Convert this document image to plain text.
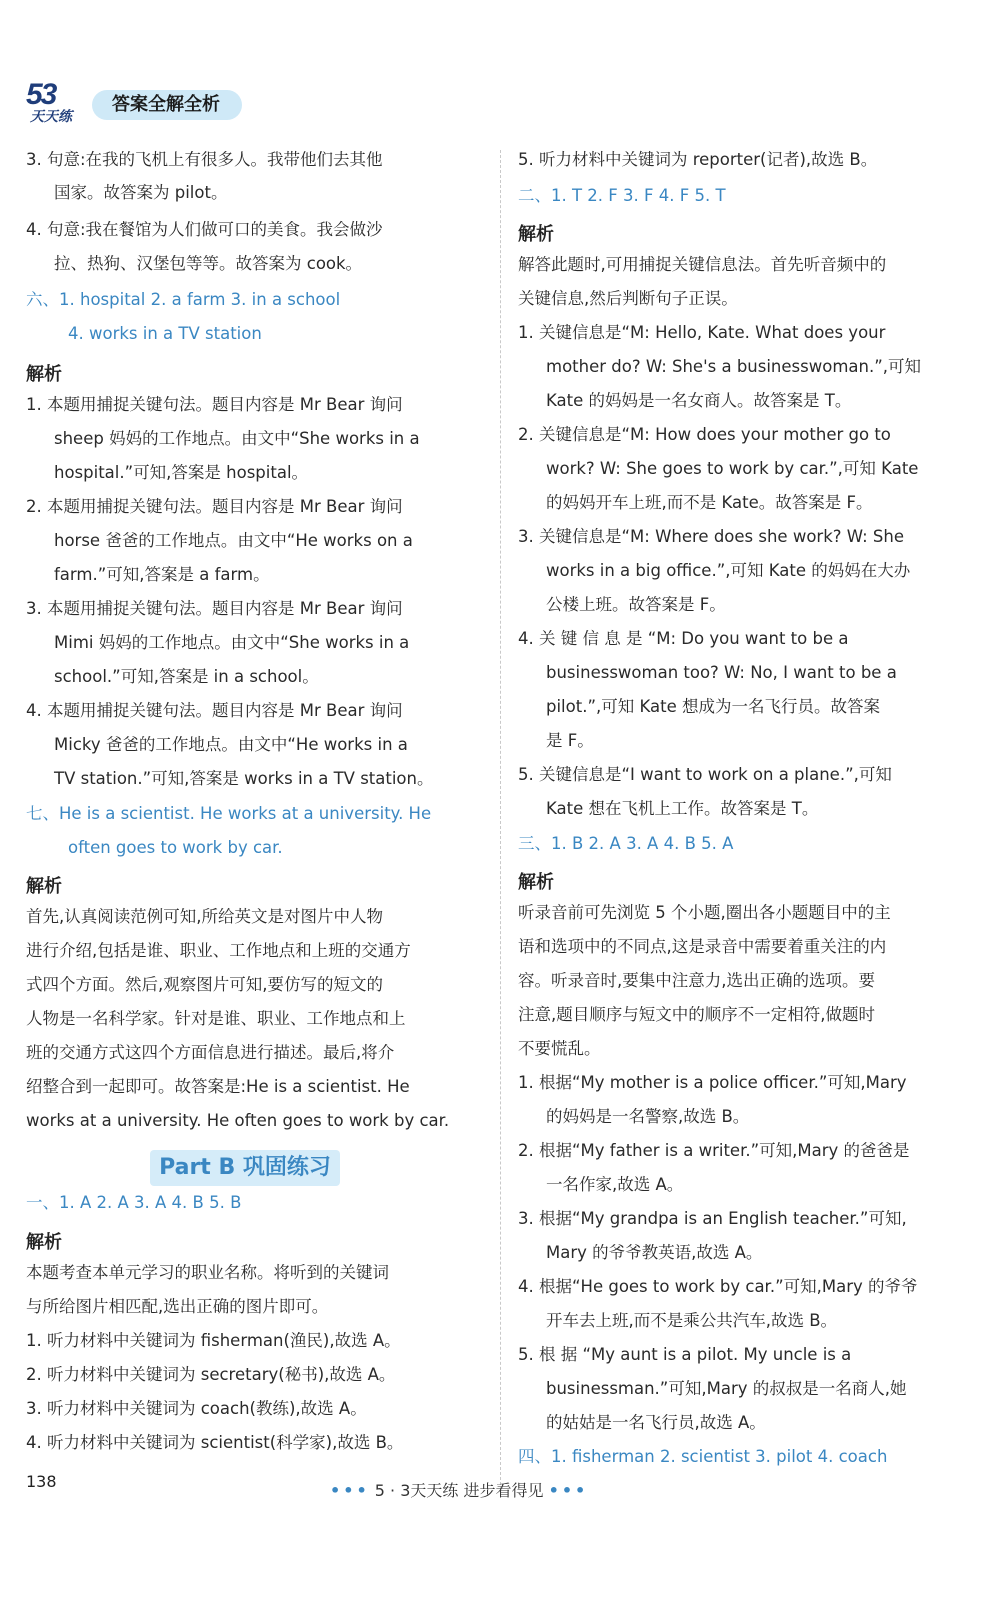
53
天天练
答案全解全析
3. 句意:在我的飞机上有很多人。我带他们去其他
国家。故答案为 pilot。
4. 句意:我在餐馆为人们做可口的美食。我会做沙
拉、热狗、汉堡包等等。故答案为 cook。
六、1. hospital 2. a farm 3. in a school
4. works in a TV station
解析
1. 本题用捕捉关键句法。题目内容是 Mr Bear 询问
sheep 妈妈的工作地点。由文中“She works in a
hospital.”可知,答案是 hospital。
2. 本题用捕捉关键句法。题目内容是 Mr Bear 询问
horse 爸爸的工作地点。由文中“He works on a
farm.”可知,答案是 a farm。
3. 本题用捕捉关键句法。题目内容是 Mr Bear 询问
Mimi 妈妈的工作地点。由文中“She works in a
school.”可知,答案是 in a school。
4. 本题用捕捉关键句法。题目内容是 Mr Bear 询问
Micky 爸爸的工作地点。由文中“He works in a
TV station.”可知,答案是 works in a TV station。
七、He is a scientist. He works at a university. He
often goes to work by car.
解析
首先,认真阅读范例可知,所给英文是对图片中人物
进行介绍,包括是谁、职业、工作地点和上班的交通方
式四个方面。然后,观察图片可知,要仿写的短文的
人物是一名科学家。针对是谁、职业、工作地点和上
班的交通方式这四个方面信息进行描述。最后,将介
绍整合到一起即可。故答案是:He is a scientist. He
works at a university. He often goes to work by car.
一、1. A 2. A 3. A 4. B 5. B
解析
本题考查本单元学习的职业名称。将听到的关键词
与所给图片相匹配,选出正确的图片即可。
1. 听力材料中关键词为 fisherman(渔民),故选 A。
2. 听力材料中关键词为 secretary(秘书),故选 A。
3. 听力材料中关键词为 coach(教练),故选 A。
4. 听力材料中关键词为 scientist(科学家),故选 B。
5. 听力材料中关键词为 reporter(记者),故选 B。
二、1. T 2. F 3. F 4. F 5. T
解析
解答此题时,可用捕捉关键信息法。首先听音频中的
关键信息,然后判断句子正误。
1. 关键信息是“M: Hello, Kate. What does your
mother do? W: She's a businesswoman.”,可知
Kate 的妈妈是一名女商人。故答案是 T。
2. 关键信息是“M: How does your mother go to
work? W: She goes to work by car.”,可知 Kate
的妈妈开车上班,而不是 Kate。故答案是 F。
3. 关键信息是“M: Where does she work? W: She
works in a big office.”,可知 Kate 的妈妈在大办
公楼上班。故答案是 F。
4. 关 键 信 息 是 “M: Do you want to be a
businesswoman too? W: No, I want to be a
pilot.”,可知 Kate 想成为一名飞行员。故答案
是 F。
5. 关键信息是“I want to work on a plane.”,可知
Kate 想在飞机上工作。故答案是 T。
三、1. B 2. A 3. A 4. B 5. A
解析
听录音前可先浏览 5 个小题,圈出各小题题目中的主
语和选项中的不同点,这是录音中需要着重关注的内
容。听录音时,要集中注意力,选出正确的选项。要
注意,题目顺序与短文中的顺序不一定相符,做题时
不要慌乱。
1. 根据“My mother is a police officer.”可知,Mary
的妈妈是一名警察,故选 B。
2. 根据“My father is a writer.”可知,Mary 的爸爸是
一名作家,故选 A。
3. 根据“My grandpa is an English teacher.”可知,
Mary 的爷爷教英语,故选 A。
4. 根据“He goes to work by car.”可知,Mary 的爷爷
开车去上班,而不是乘公共汽车,故选 B。
5. 根 据 “My aunt is a pilot. My uncle is a
businessman.”可知,Mary 的叔叔是一名商人,她
的姑姑是一名飞行员,故选 A。
四、1. fisherman 2. scientist 3. pilot 4. coach
Part B 巩固练习
138	••• 5 · 3天天练 进步看得见 •••
